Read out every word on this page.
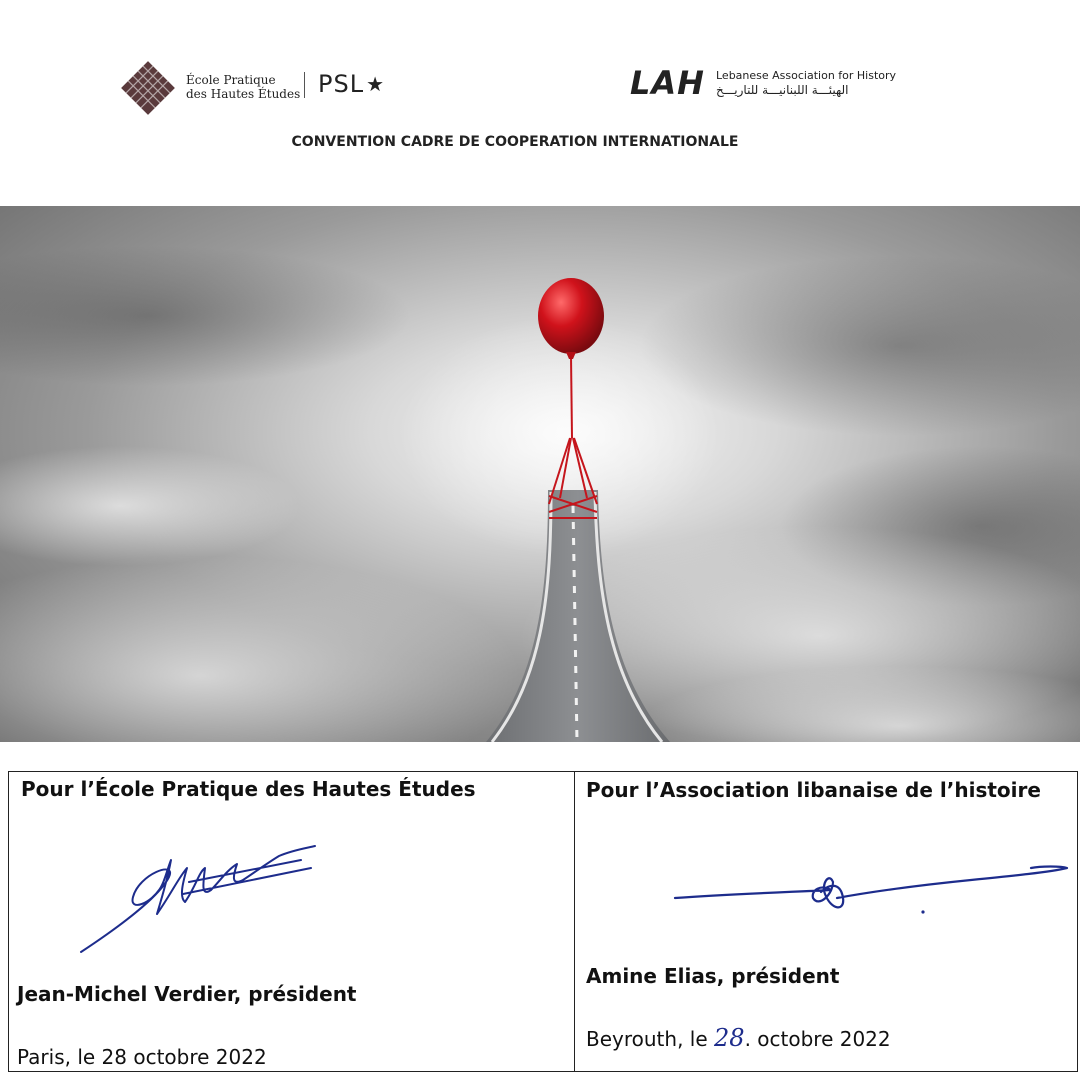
École Pratique
des Hautes Études PSL ★	LAH Lebanese Association for History
الهيئـــة اللبنانيـــة للتاريـــخ
CONVENTION CADRE DE COOPERATION INTERNATIONALE
Pour l’École Pratique des Hautes Études
Jean-Michel Verdier, président
Paris, le 28 octobre 2022
Pour l’Association libanaise de l’histoire
Amine Elias, président
Beyrouth, le 28. octobre 2022
